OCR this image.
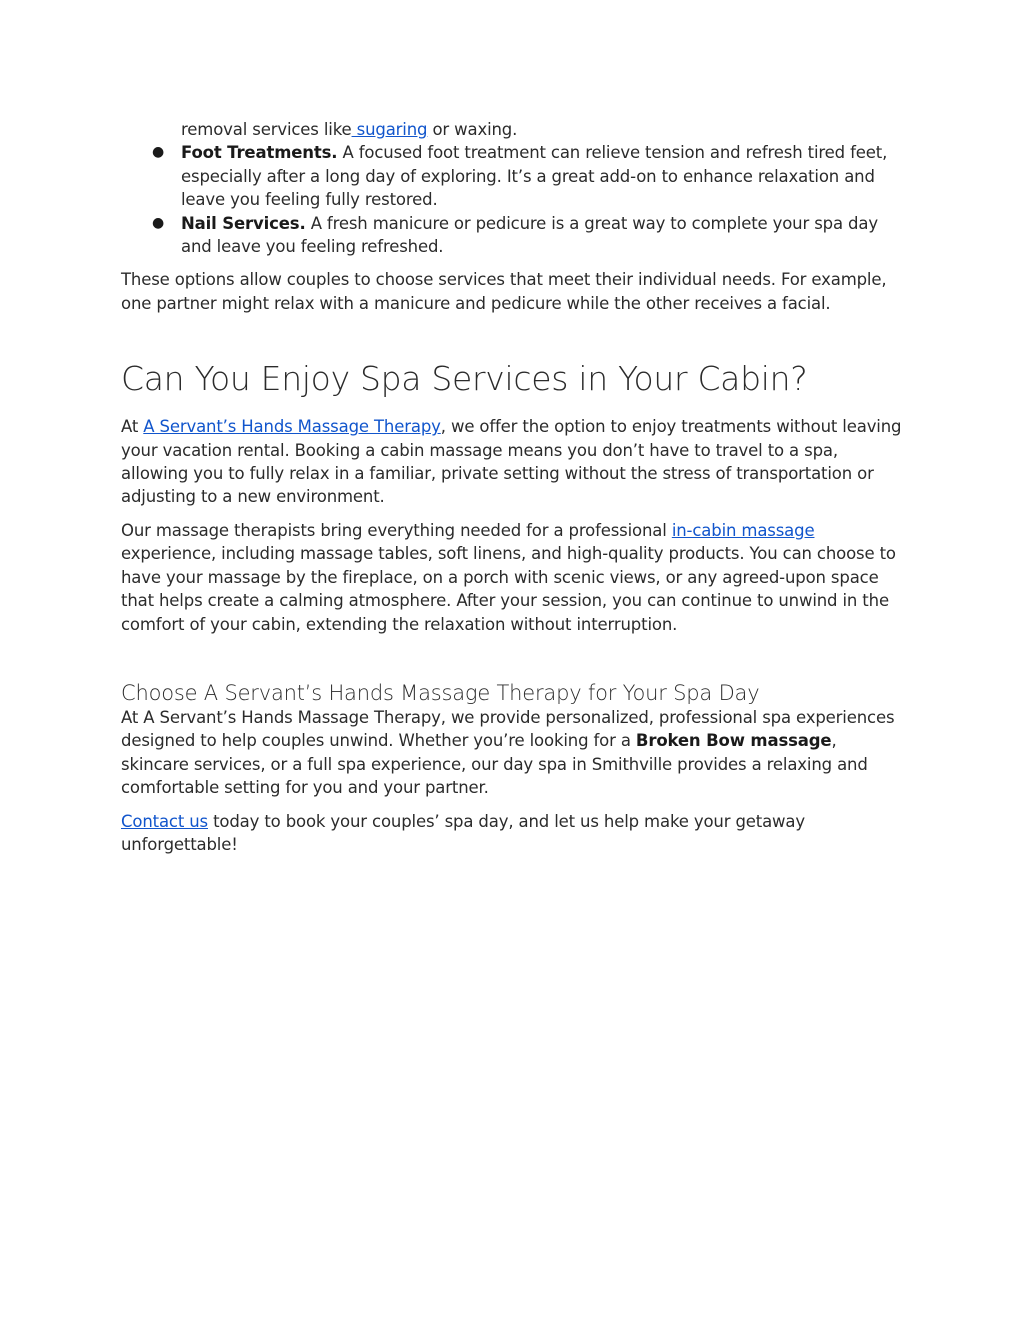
removal services like sugaring or waxing.
● Foot Treatments. A focused foot treatment can relieve tension and refresh tired feet, especially after a long day of exploring. It’s a great add-on to enhance relaxation and leave you feeling fully restored.
● Nail Services. A fresh manicure or pedicure is a great way to complete your spa day and leave you feeling refreshed.

These options allow couples to choose services that meet their individual needs. For example, one partner might relax with a manicure and pedicure while the other receives a facial.

Can You Enjoy Spa Services in Your Cabin?

At A Servant’s Hands Massage Therapy, we offer the option to enjoy treatments without leaving your vacation rental. Booking a cabin massage means you don’t have to travel to a spa, allowing you to fully relax in a familiar, private setting without the stress of transportation or adjusting to a new environment.

Our massage therapists bring everything needed for a professional in-cabin massage experience, including massage tables, soft linens, and high-quality products. You can choose to have your massage by the fireplace, on a porch with scenic views, or any agreed-upon space that helps create a calming atmosphere. After your session, you can continue to unwind in the comfort of your cabin, extending the relaxation without interruption.

Choose A Servant’s Hands Massage Therapy for Your Spa Day

At A Servant’s Hands Massage Therapy, we provide personalized, professional spa experiences designed to help couples unwind. Whether you’re looking for a Broken Bow massage, skincare services, or a full spa experience, our day spa in Smithville provides a relaxing and comfortable setting for you and your partner.

Contact us today to book your couples’ spa day, and let us help make your getaway unforgettable!
